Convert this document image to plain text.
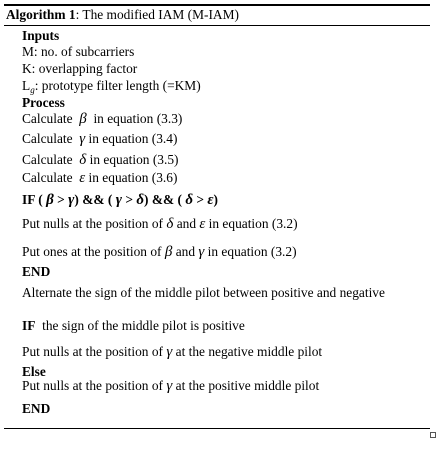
Algorithm 1: The modified IAM (M-IAM)
Inputs
M: no. of subcarriers
K: overlapping factor
$L_g$: prototype filter length (=KM)
Process
Calculate β in equation (3.3)
Calculate γ in equation (3.4)
Calculate δ in equation (3.5)
Calculate ε in equation (3.6)
IF ( β > γ) && ( γ > δ) && ( δ > ε)
Put nulls at the position of δ and ε in equation (3.2)
Put ones at the position of β and γ in equation (3.2)
END
Alternate the sign of the middle pilot between positive and negative
IF the sign of the middle pilot is positive
Put nulls at the position of γ at the negative middle pilot
Else
Put nulls at the position of γ at the positive middle pilot
END
